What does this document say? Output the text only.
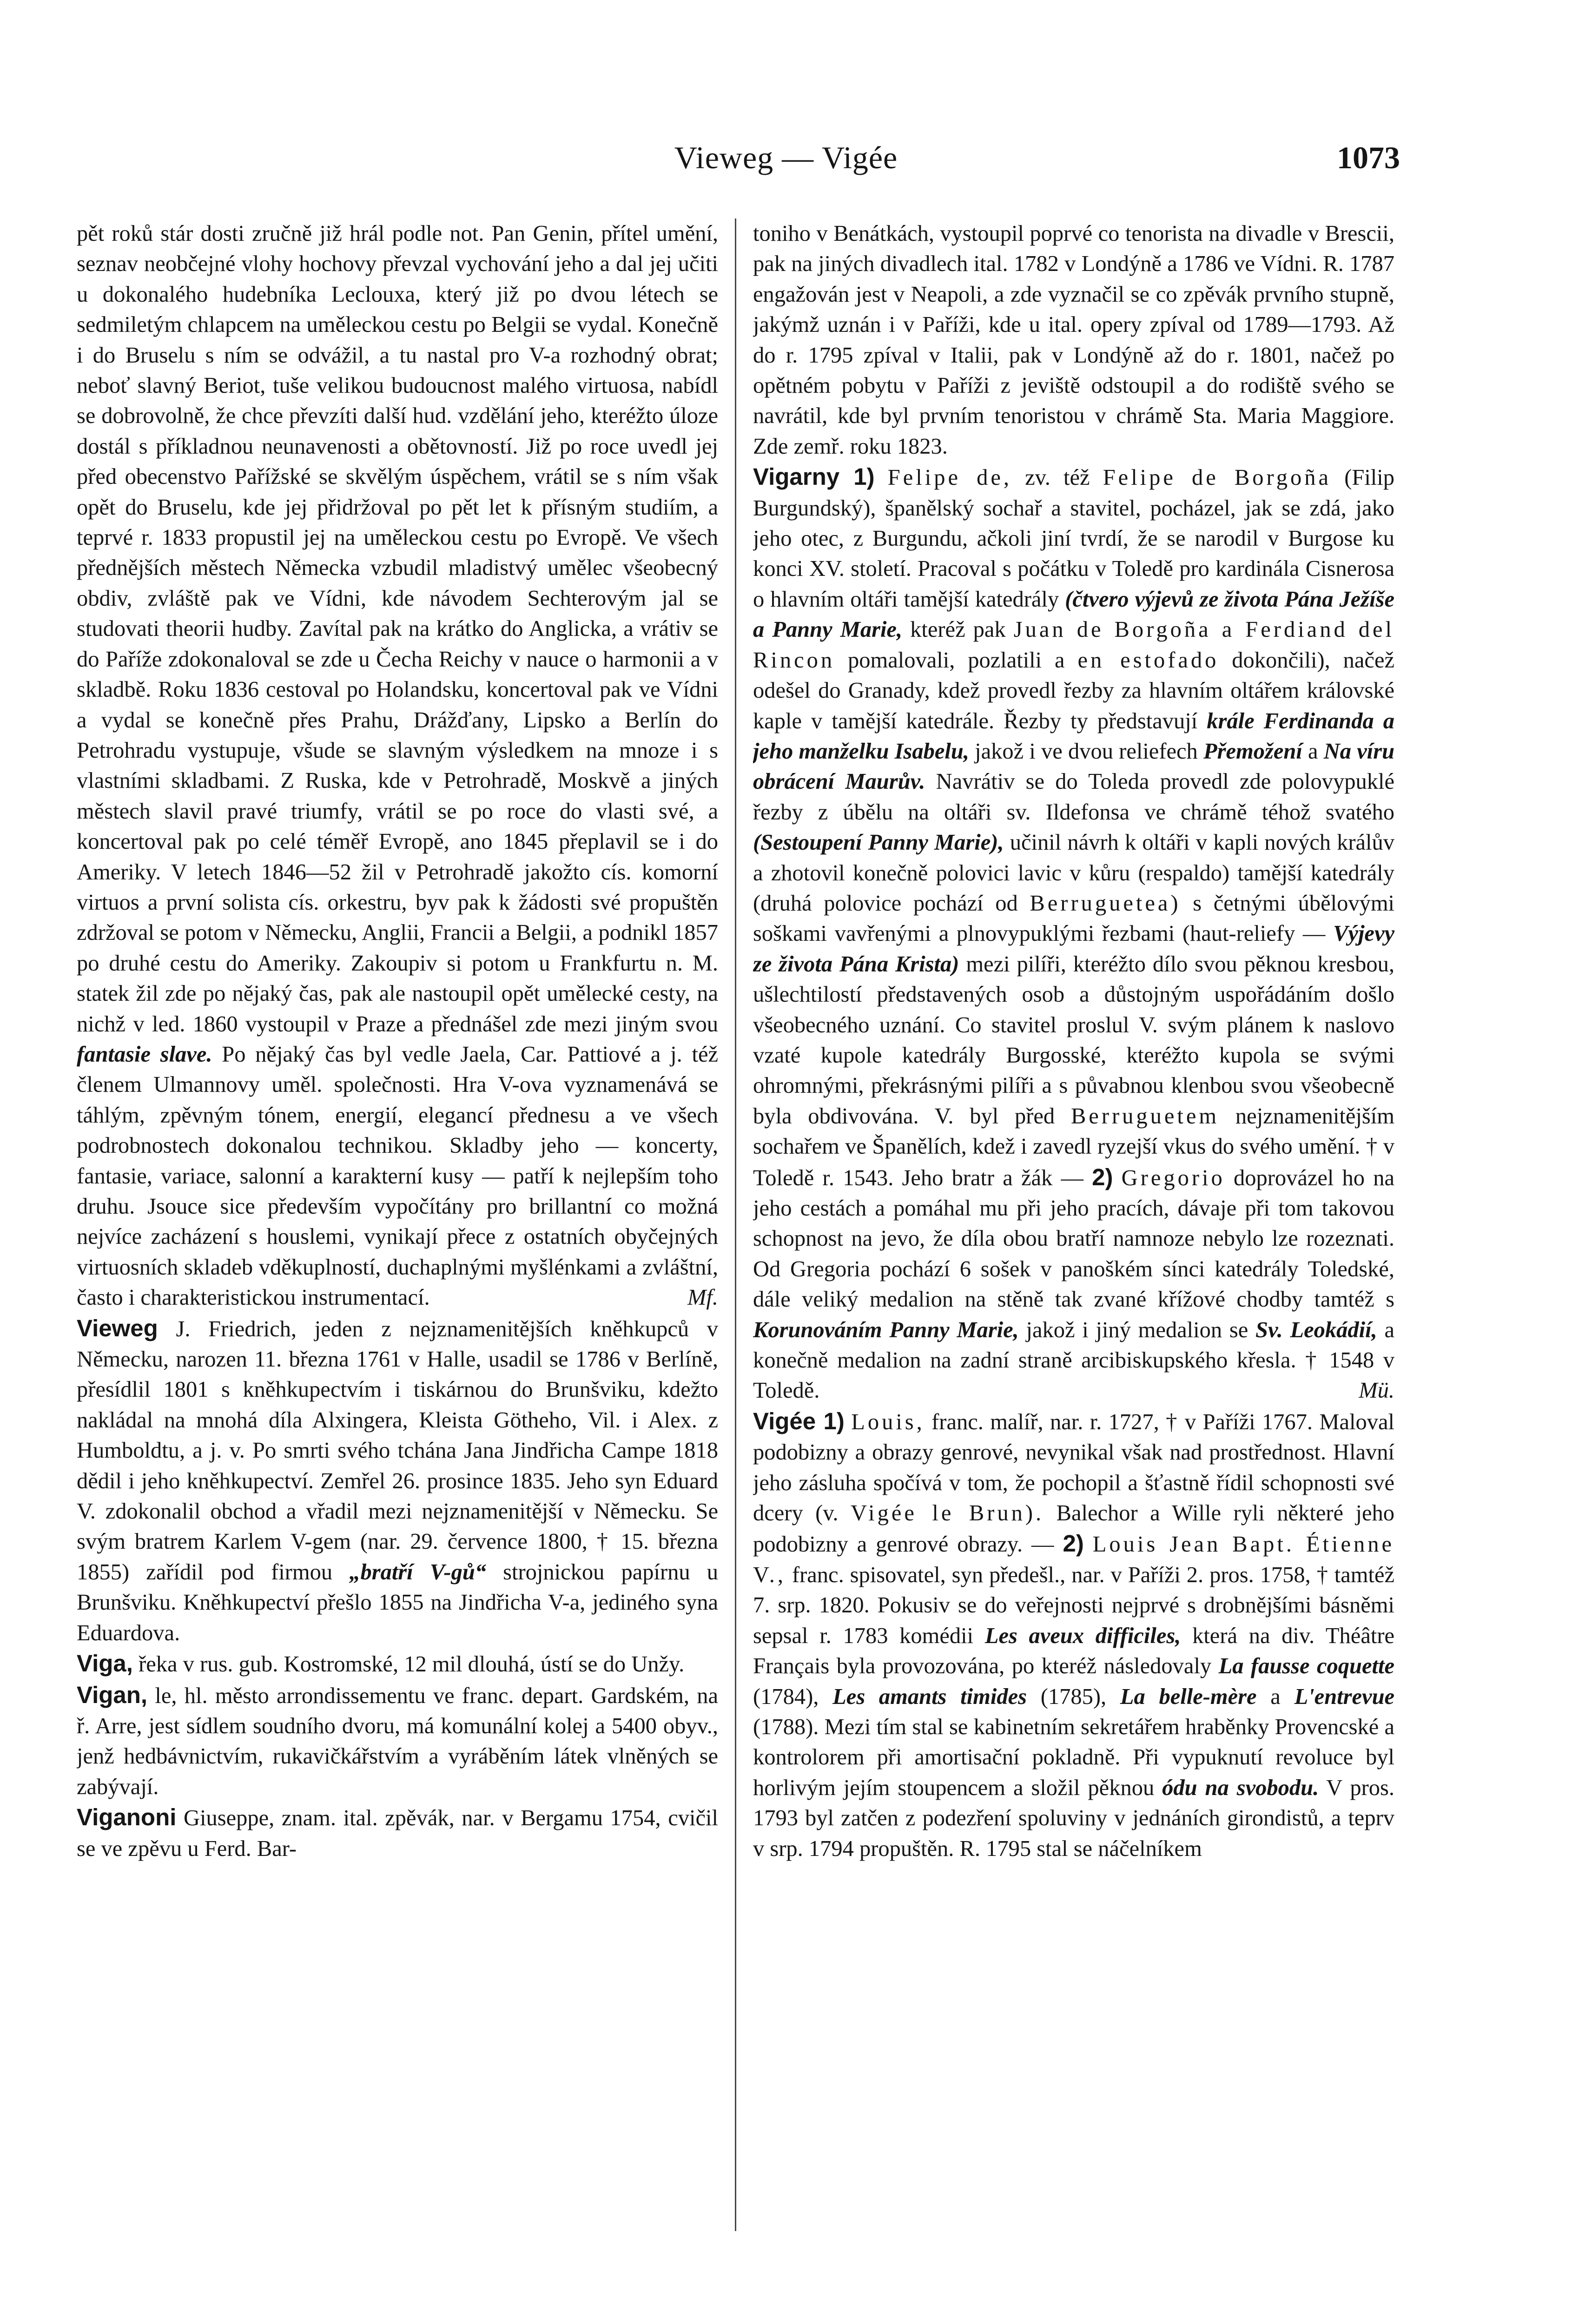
Vieweg — Vigée	1073

pět roků stár dosti zručně již hrál podle not. Pan Genin, přítel umění, seznav neobčejné vlohy hochovy převzal vychování jeho a dal jej učiti u dokonalého hudebníka Leclouxa, který již po dvou létech se sedmiletým chlapcem na uměleckou cestu po Belgii se vydal. Konečně i do Bruselu s ním se odvážil, a tu nastal pro V-a rozhodný obrat; neboť slavný Beriot, tuše velikou budoucnost malého virtuosa, nabídl se dobrovolně, že chce převzíti další hud. vzdělání jeho, kteréžto úloze dostál s příkladnou neunavenosti a obětovností. Již po roce uvedl jej před obecenstvo Pařížské se skvělým úspěchem, vrátil se s ním však opět do Bruselu, kde jej přidržoval po pět let k přísným studiím, a teprvé r. 1833 propustil jej na uměleckou cestu po Evropě. Ve všech přednějších městech Německa vzbudil mladistvý umělec všeobecný obdiv, zvláště pak ve Vídni, kde návodem Sechterovým jal se studovati theorii hudby. Zavítal pak na krátko do Anglicka, a vrátiv se do Paříže zdokonaloval se zde u Čecha Reichy v nauce o harmonii a v skladbě. Roku 1836 cestoval po Holandsku, koncertoval pak ve Vídni a vydal se konečně přes Prahu, Drážďany, Lipsko a Berlín do Petrohradu vystupuje, všude se slavným výsledkem na mnoze i s vlastními skladbami. Z Ruska, kde v Petrohradě, Moskvě a jiných městech slavil pravé triumfy, vrátil se po roce do vlasti své, a koncertoval pak po celé téměř Evropě, ano 1845 přeplavil se i do Ameriky. V letech 1846—52 žil v Petrohradě jakožto cís. komorní virtuos a první solista cís. orkestru, byv pak k žádosti své propuštěn zdržoval se potom v Německu, Anglii, Francii a Belgii, a podnikl 1857 po druhé cestu do Ameriky. Zakoupiv si potom u Frankfurtu n. M. statek žil zde po nějaký čas, pak ale nastoupil opět umělecké cesty, na nichž v led. 1860 vystoupil v Praze a přednášel zde mezi jiným svou fantasie slave. Po nějaký čas byl vedle Jaela, Car. Pattiové a j. též členem Ulmannovy uměl. společnosti. Hra V-ova vyznamenává se táhlým, zpěvným tónem, energií, elegancí přednesu a ve všech podrobnostech dokonalou technikou. Skladby jeho — koncerty, fantasie, variace, salonní a karakterní kusy — patří k nejlepším toho druhu. Jsouce sice především vypočítány pro brillantní co možná nejvíce zacházení s houslemi, vynikají přece z ostatních obyčejných virtuosních skladeb vděkuplností, duchaplnými myšlénkami a zvláštní, často i charakteristickou instrumentací.	Mf.

Vieweg J. Friedrich, jeden z nejznamenitějších kněhkupců v Německu, narozen 11. března 1761 v Halle, usadil se 1786 v Berlíně, přesídlil 1801 s kněhkupectvím i tiskárnou do Brunšviku, kdežto nakládal na mnohá díla Alxingera, Kleista Götheho, Vil. i Alex. z Humboldtu, a j. v. Po smrti svého tchána Jana Jindřicha Campe 1818 dědil i jeho kněhkupectví. Zemřel 26. prosince 1835. Jeho syn Eduard V. zdokonalil obchod a vřadil mezi nejznamenitější v Německu. Se svým bratrem Karlem V-gem (nar. 29. července 1800, † 15. března 1855) zařídil pod firmou „bratří V-gů“ strojnickou papírnu u Brunšviku. Kněhkupectví přešlo 1855 na Jindřicha V-a, jediného syna Eduardova.

Viga, řeka v rus. gub. Kostromské, 12 mil dlouhá, ústí se do Unžy.

Vigan, le, hl. město arrondissementu ve franc. depart. Gardském, na ř. Arre, jest sídlem soudního dvoru, má komunální kolej a 5400 obyv., jenž hedbávnictvím, rukavičkářstvím a vyráběním látek vlněných se zabývají.

Viganoni Giuseppe, znam. ital. zpěvák, nar. v Bergamu 1754, cvičil se ve zpěvu u Ferd. Bar-

toniho v Benátkách, vystoupil poprvé co tenorista na divadle v Brescii, pak na jiných divadlech ital. 1782 v Londýně a 1786 ve Vídni. R. 1787 engažován jest v Neapoli, a zde vyznačil se co zpěvák prvního stupně, jakýmž uznán i v Paříži, kde u ital. opery zpíval od 1789—1793. Až do r. 1795 zpíval v Italii, pak v Londýně až do r. 1801, načež po opětném pobytu v Paříži z jeviště odstoupil a do rodiště svého se navrátil, kde byl prvním tenoristou v chrámě Sta. Maria Maggiore. Zde zemř. roku 1823.

Vigarny 1) Felipe de, zv. též Felipe de Borgoña (Filip Burgundský), španělský sochař a stavitel, pocházel, jak se zdá, jako jeho otec, z Burgundu, ačkoli jiní tvrdí, že se narodil v Burgose ku konci XV. století. Pracoval s počátku v Toledě pro kardinála Cisnerosa o hlavním oltáři tamější katedrály (čtvero výjevů ze života Pána Ježíše a Panny Marie, kteréž pak Juan de Borgoña a Ferdiand del Rincon pomalovali, pozlatili a en estofado dokončili), načež odešel do Granady, kdež provedl řezby za hlavním oltářem královské kaple v tamější katedrále. Řezby ty představují krále Ferdinanda a jeho manželku Isabelu, jakož i ve dvou reliefech Přemožení a Na víru obrácení Maurův. Navrátiv se do Toleda provedl zde polovypuklé řezby z úbělu na oltáři sv. Ildefonsa ve chrámě téhož svatého (Sestoupení Panny Marie), učinil návrh k oltáři v kapli nových králův a zhotovil konečně polovici lavic v kůru (respaldo) tamější katedrály (druhá polovice pochází od Berruguetea) s četnými úbělovými soškami vavřenými a plnovypuklými řezbami (haut-reliefy — Výjevy ze života Pána Krista) mezi pilíři, kteréžto dílo svou pěknou kresbou, ušlechtilostí představených osob a důstojným uspořádáním došlo všeobecného uznání. Co stavitel proslul V. svým plánem k naslovo vzaté kupole katedrály Burgosské, kteréžto kupola se svými ohromnými, překrásnými pilíři a s půvabnou klenbou svou všeobecně byla obdivována. V. byl před Berruguetem nejznamenitějším sochařem ve Španělích, kdež i zavedl ryzejší vkus do svého umění. † v Toledě r. 1543. Jeho bratr a žák — 2) Gregorio doprovázel ho na jeho cestách a pomáhal mu při jeho pracích, dávaje při tom takovou schopnost na jevo, že díla obou bratří namnoze nebylo lze rozeznati. Od Gregoria pochází 6 sošek v panoškém sínci katedrály Toledské, dále veliký medalion na stěně tak zvané křížové chodby tamtéž s Korunováním Panny Marie, jakož i jiný medalion se Sv. Leokádií, a konečně medalion na zadní straně arcibiskupského křesla. † 1548 v Toledě.	Mü.

Vigée 1) Louis, franc. malíř, nar. r. 1727, † v Paříži 1767. Maloval podobizny a obrazy genrové, nevynikal však nad prostřednost. Hlavní jeho zásluha spočívá v tom, že pochopil a šťastně řídil schopnosti své dcery (v. Vigée le Brun). Balechor a Wille ryli některé jeho podobizny a genrové obrazy. — 2) Louis Jean Bapt. Étienne V., franc. spisovatel, syn předešl., nar. v Paříži 2. pros. 1758, † tamtéž 7. srp. 1820. Pokusiv se do veřejnosti nejprvé s drobnějšími básněmi sepsal r. 1783 komédii Les aveux difficiles, která na div. Théâtre Français byla provozována, po kteréž následovaly La fausse coquette (1784), Les amants timides (1785), La belle-mère a L'entrevue (1788). Mezi tím stal se kabinetním sekretářem hraběnky Provencské a kontrolorem při amortisační pokladně. Při vypuknutí revoluce byl horlivým jejím stoupencem a složil pěknou ódu na svobodu. V pros. 1793 byl zatčen z podezření spoluviny v jednáních girondistů, a teprv v srp. 1794 propuštěn. R. 1795 stal se náčelníkem
